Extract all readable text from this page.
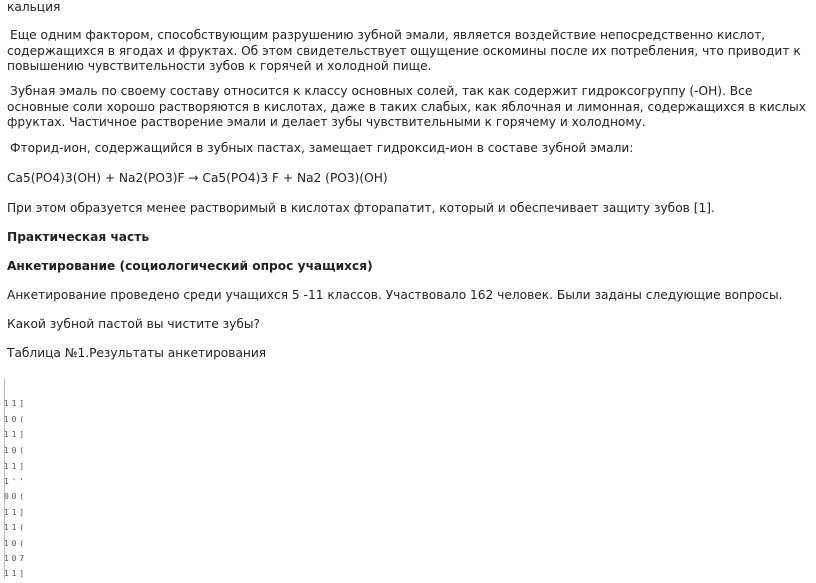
кальция
Еще одним фактором, способствующим разрушению зубной эмали, является воздействие непосредственно кислот, содержащихся в ягодах и фруктах. Об этом свидетельствует ощущение оскомины после их потребления, что приводит к повышению чувствительности зубов к горячей и холодной пище.
Зубная эмаль по своему составу относится к классу основных солей, так как содержит гидроксогруппу (-OH). Все основные соли хорошо растворяются в кислотах, даже в таких слабых, как яблочная и лимонная, содержащихся в кислых фруктах. Частичное растворение эмали и делает зубы чувствительными к горячему и холодному.
Фторид-ион, содержащийся в зубных пастах, замещает гидроксид-ион в составе зубной эмали:
Ca5(PO4)3(OH) + Na2(PO3)F → Ca5(PO4)3 F + Na2 (PO3)(OH)
При этом образуется менее растворимый в кислотах фторапатит, который и обеспечивает защиту зубов [1].
Практическая часть
Анкетирование (социологический опрос учащихся)
Анкетирование проведено среди учащихся 5 -11 классов. Участвовало 162 человек. Были заданы следующие вопросы.
Какой зубной пастой вы чистите зубы?
Таблица №1.Результаты анкетирования
1 1 ]
1 0 (
1 1 ]
1 0 (
1 1 ]
1 ' '
0 0 (
1 1 ]
1 1 (
1 0 (
1 0 7
1 1 ]
